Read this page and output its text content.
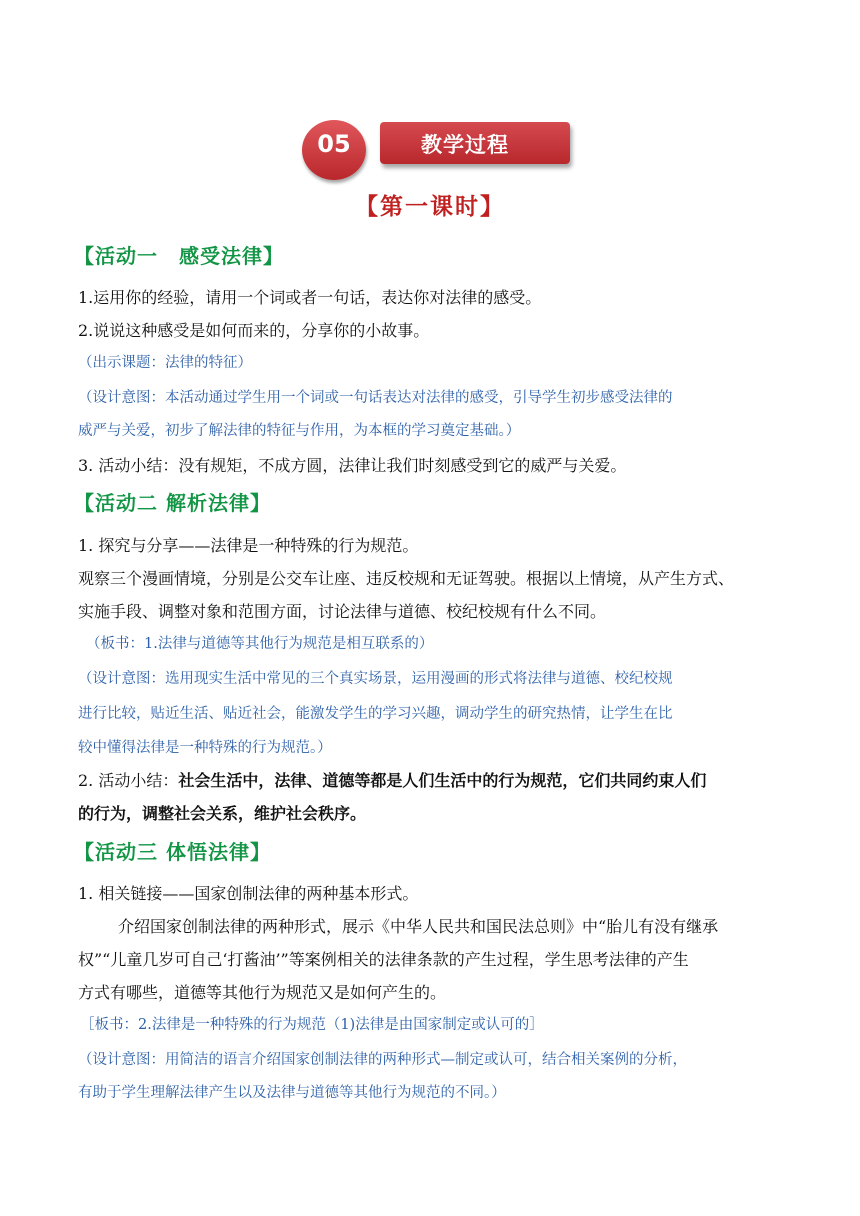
05	教学过程
【第一课时】
【活动一　感受法律】
1.运用你的经验，请用一个词或者一句话，表达你对法律的感受。
2.说说这种感受是如何而来的，分享你的小故事。
（出示课题：法律的特征）
（设计意图：本活动通过学生用一个词或一句话表达对法律的感受，引导学生初步感受法律的
威严与关爱，初步了解法律的特征与作用，为本框的学习奠定基础。）
3. 活动小结：没有规矩，不成方圆，法律让我们时刻感受到它的威严与关爱。
【活动二 解析法律】
1. 探究与分享——法律是一种特殊的行为规范。
观察三个漫画情境，分别是公交车让座、违反校规和无证驾驶。根据以上情境，从产生方式、
实施手段、调整对象和范围方面，讨论法律与道德、校纪校规有什么不同。
（板书：1.法律与道德等其他行为规范是相互联系的）
（设计意图：选用现实生活中常见的三个真实场景，运用漫画的形式将法律与道德、校纪校规
进行比较，贴近生活、贴近社会，能激发学生的学习兴趣，调动学生的研究热情，让学生在比
较中懂得法律是一种特殊的行为规范。）
2. 活动小结：社会生活中，法律、道德等都是人们生活中的行为规范，它们共同约束人们
的行为，调整社会关系，维护社会秩序。
【活动三 体悟法律】
1. 相关链接——国家创制法律的两种基本形式。
介绍国家创制法律的两种形式，展示《中华人民共和国民法总则》中“胎儿有没有继承
权”“儿童几岁可自己‘打酱油’”等案例相关的法律条款的产生过程，学生思考法律的产生
方式有哪些，道德等其他行为规范又是如何产生的。
［板书：2.法律是一种特殊的行为规范（1)法律是由国家制定或认可的］
（设计意图：用简洁的语言介绍国家创制法律的两种形式—制定或认可，结合相关案例的分析，
有助于学生理解法律产生以及法律与道德等其他行为规范的不同。）
